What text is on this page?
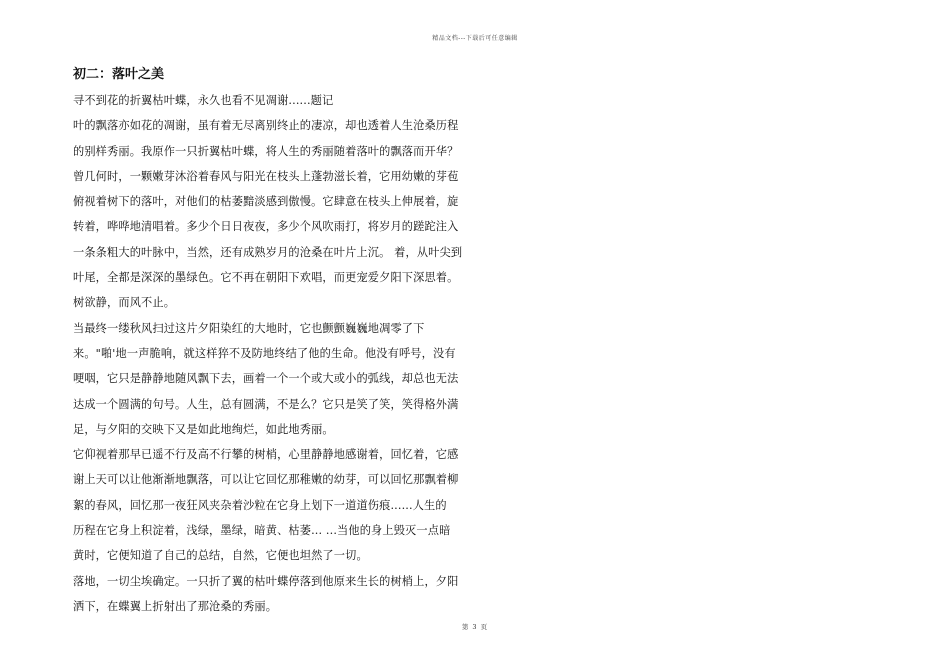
精品文档---下载后可任意编辑
初二：落叶之美
寻不到花的折翼枯叶蝶，永久也看不见凋谢......题记
叶的飘落亦如花的凋谢，虽有着无尽离别终止的凄凉，却也透着人生沧桑历程
的别样秀丽。我原作一只折翼枯叶蝶，将人生的秀丽随着落叶的飘落而开华？
曾几何时，一颗嫩芽沐浴着春风与阳光在枝头上蓬勃滋长着，它用幼嫩的芽苞
俯视着树下的落叶，对他们的枯萎黯淡感到傲慢。它肆意在枝头上伸展着，旋
转着，哗哗地清唱着。多少个日日夜夜，多少个风吹雨打，将岁月的蹉跎注入
一条条粗大的叶脉中，当然，还有成熟岁月的沧桑在叶片上沉。 着，从叶尖到
叶尾，全都是深深的墨绿色。它不再在朝阳下欢唱，而更宠爱夕阳下深思着。
树欲静，而风不止。
当最终一缕秋风扫过这片夕阳染红的大地时，它也颤颤巍巍地凋零了下
来。"啪'地一声脆响，就这样猝不及防地终结了他的生命。他没有呼号，没有
哽咽，它只是静静地随风飘下去，画着一个一个或大或小的弧线，却总也无法
达成一个圆满的句号。人生，总有圆满，不是么？它只是笑了笑，笑得格外满
足，与夕阳的交映下又是如此地绚烂，如此地秀丽。
它仰视着那早已遥不行及高不行攀的树梢，心里静静地感谢着，回忆着，它感
谢上天可以让他渐渐地飘落，可以让它回忆那稚嫩的幼芽，可以回忆那飘着柳
絮的春风，回忆那一夜狂风夹杂着沙粒在它身上划下一道道伤痕......人生的
历程在它身上积淀着，浅绿，墨绿，暗黄、枯萎... ...当他的身上毁灭一点暗
黄时，它便知道了自己的总结，自然，它便也坦然了一切。
落地，一切尘埃确定。一只折了翼的枯叶蝶停落到他原来生长的树梢上，夕阳
洒下，在蝶翼上折射出了那沧桑的秀丽。
第 3 页
